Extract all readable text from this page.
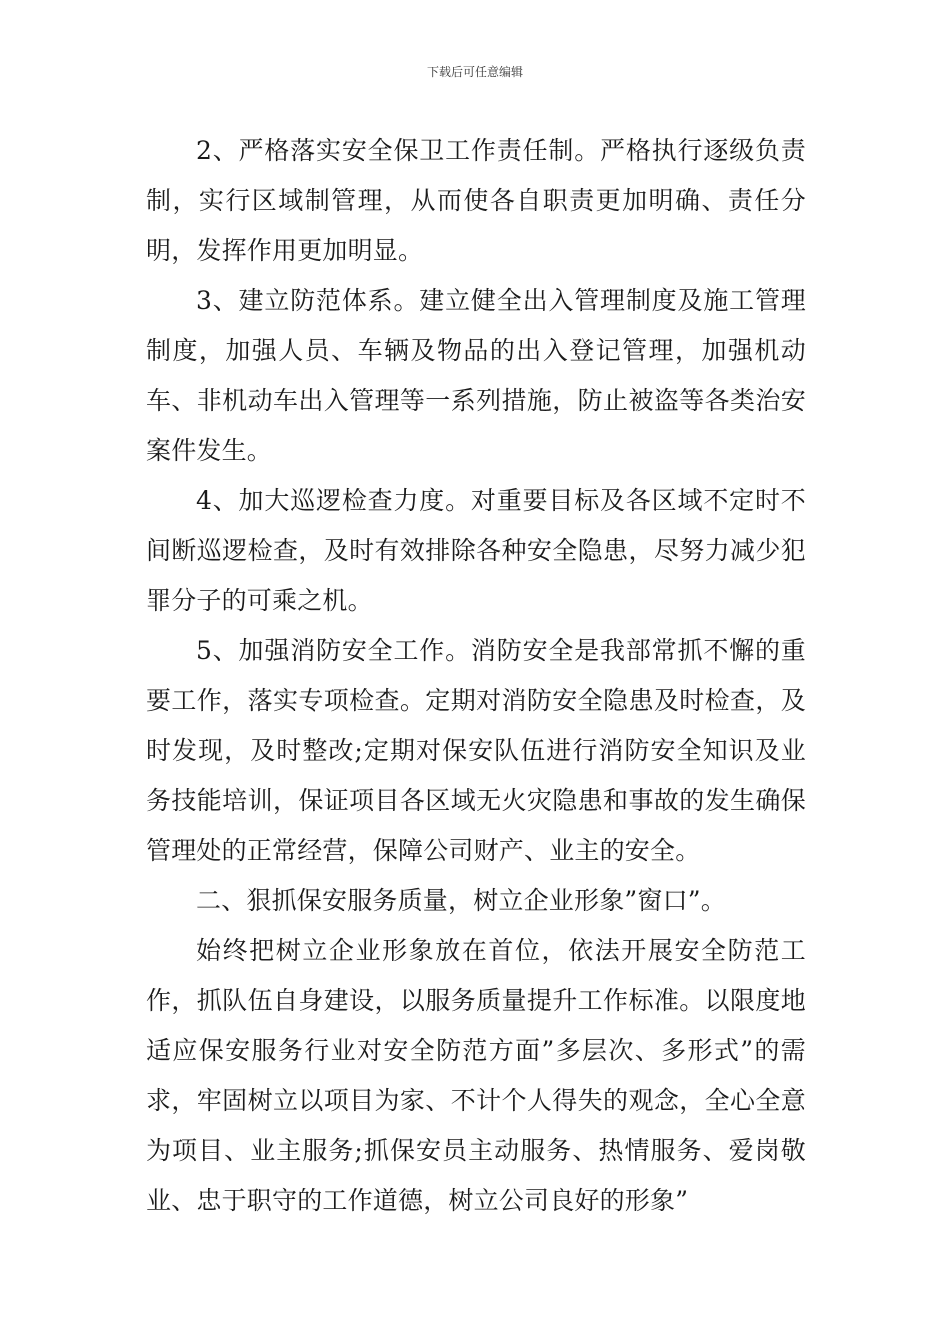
下载后可任意编辑

2、严格落实安全保卫工作责任制。严格执行逐级负责制，实行区域制管理，从而使各自职责更加明确、责任分明，发挥作用更加明显。

3、建立防范体系。建立健全出入管理制度及施工管理制度，加强人员、车辆及物品的出入登记管理，加强机动车、非机动车出入管理等一系列措施，防止被盗等各类治安案件发生。

4、加大巡逻检查力度。对重要目标及各区域不定时不间断巡逻检查，及时有效排除各种安全隐患，尽努力减少犯罪分子的可乘之机。

5、加强消防安全工作。消防安全是我部常抓不懈的重要工作，落实专项检查。定期对消防安全隐患及时检查，及时发现，及时整改;定期对保安队伍进行消防安全知识及业务技能培训，保证项目各区域无火灾隐患和事故的发生确保管理处的正常经营，保障公司财产、业主的安全。

二、狠抓保安服务质量，树立企业形象”窗口”。

始终把树立企业形象放在首位，依法开展安全防范工作，抓队伍自身建设，以服务质量提升工作标准。以限度地适应保安服务行业对安全防范方面”多层次、多形式”的需求，牢固树立以项目为家、不计个人得失的观念，全心全意为项目、业主服务;抓保安员主动服务、热情服务、爱岗敬业、忠于职守的工作道德，树立公司良好的形象”
